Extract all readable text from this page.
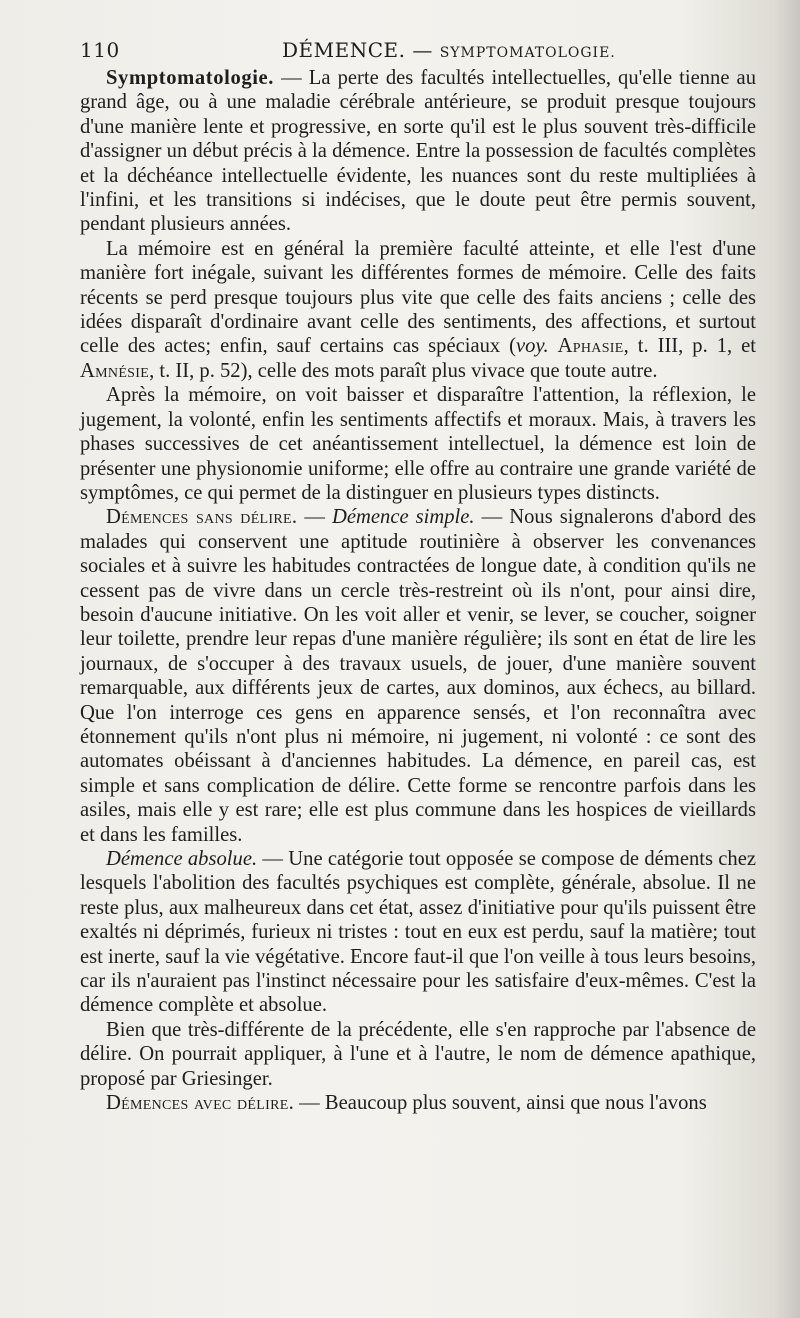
110	DÉMENCE. — SYMPTOMATOLOGIE.

Symptomatologie. — La perte des facultés intellectuelles, qu'elle tienne au grand âge, ou à une maladie cérébrale antérieure, se produit presque toujours d'une manière lente et progressive, en sorte qu'il est le plus souvent très-difficile d'assigner un début précis à la démence. Entre la possession de facultés complètes et la déchéance intellectuelle évidente, les nuances sont du reste multipliées à l'infini, et les transitions si indécises, que le doute peut être permis souvent, pendant plusieurs années.

La mémoire est en général la première faculté atteinte, et elle l'est d'une manière fort inégale, suivant les différentes formes de mémoire. Celle des faits récents se perd presque toujours plus vite que celle des faits anciens ; celle des idées disparaît d'ordinaire avant celle des sentiments, des affections, et surtout celle des actes; enfin, sauf certains cas spéciaux (voy. Aphasie, t. III, p. 1, et Amnésie, t. II, p. 52), celle des mots paraît plus vivace que toute autre.

Après la mémoire, on voit baisser et disparaître l'attention, la réflexion, le jugement, la volonté, enfin les sentiments affectifs et moraux. Mais, à travers les phases successives de cet anéantissement intellectuel, la démence est loin de présenter une physionomie uniforme; elle offre au contraire une grande variété de symptômes, ce qui permet de la distinguer en plusieurs types distincts.

Démences sans délire. — Démence simple. — Nous signalerons d'abord des malades qui conservent une aptitude routinière à observer les convenances sociales et à suivre les habitudes contractées de longue date, à condition qu'ils ne cessent pas de vivre dans un cercle très-restreint où ils n'ont, pour ainsi dire, besoin d'aucune initiative. On les voit aller et venir, se lever, se coucher, soigner leur toilette, prendre leur repas d'une manière régulière; ils sont en état de lire les journaux, de s'occuper à des travaux usuels, de jouer, d'une manière souvent remarquable, aux différents jeux de cartes, aux dominos, aux échecs, au billard. Que l'on interroge ces gens en apparence sensés, et l'on reconnaîtra avec étonnement qu'ils n'ont plus ni mémoire, ni jugement, ni volonté : ce sont des automates obéissant à d'anciennes habitudes. La démence, en pareil cas, est simple et sans complication de délire. Cette forme se rencontre parfois dans les asiles, mais elle y est rare; elle est plus commune dans les hospices de vieillards et dans les familles.

Démence absolue. — Une catégorie tout opposée se compose de déments chez lesquels l'abolition des facultés psychiques est complète, générale, absolue. Il ne reste plus, aux malheureux dans cet état, assez d'initiative pour qu'ils puissent être exaltés ni déprimés, furieux ni tristes : tout en eux est perdu, sauf la matière; tout est inerte, sauf la vie végétative. Encore faut-il que l'on veille à tous leurs besoins, car ils n'auraient pas l'instinct nécessaire pour les satisfaire d'eux-mêmes. C'est la démence complète et absolue.

Bien que très-différente de la précédente, elle s'en rapproche par l'absence de délire. On pourrait appliquer, à l'une et à l'autre, le nom de démence apathique, proposé par Griesinger.

Démences avec délire. — Beaucoup plus souvent, ainsi que nous l'avons
